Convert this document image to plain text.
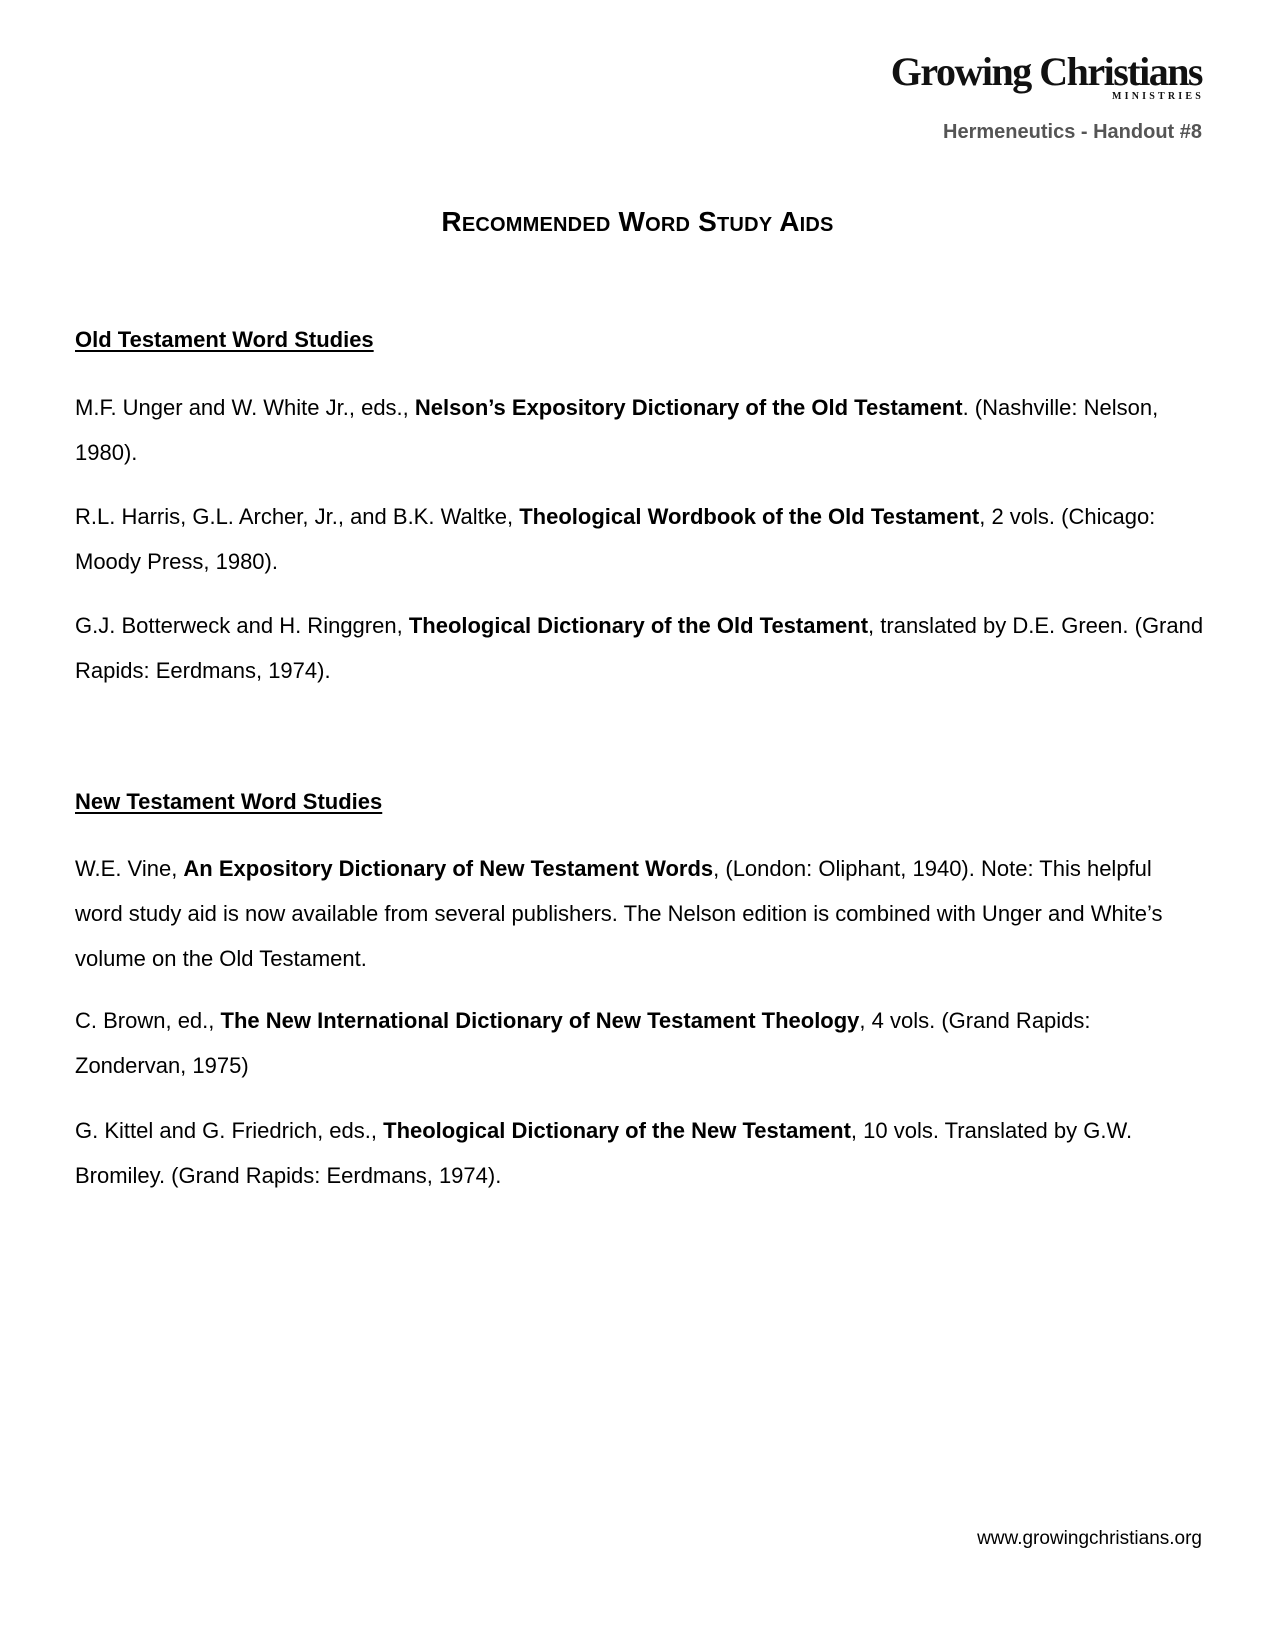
Growing Christians
MINISTRIES
Hermeneutics - Handout #8
Recommended Word Study Aids
Old Testament Word Studies
M.F. Unger and W. White Jr., eds., Nelson’s Expository Dictionary of the Old Testament. (Nashville: Nelson, 1980).
R.L. Harris, G.L. Archer, Jr., and B.K. Waltke, Theological Wordbook of the Old Testament, 2 vols. (Chicago: Moody Press, 1980).
G.J. Botterweck and H. Ringgren, Theological Dictionary of the Old Testament, translated by D.E. Green. (Grand Rapids: Eerdmans, 1974).
New Testament Word Studies
W.E. Vine, An Expository Dictionary of New Testament Words, (London: Oliphant, 1940). Note: This helpful word study aid is now available from several publishers. The Nelson edition is combined with Unger and White’s volume on the Old Testament.
C. Brown, ed., The New International Dictionary of New Testament Theology, 4 vols. (Grand Rapids: Zondervan, 1975)
G. Kittel and G. Friedrich, eds., Theological Dictionary of the New Testament, 10 vols. Translated by G.W. Bromiley. (Grand Rapids: Eerdmans, 1974).
www.growingchristians.org
